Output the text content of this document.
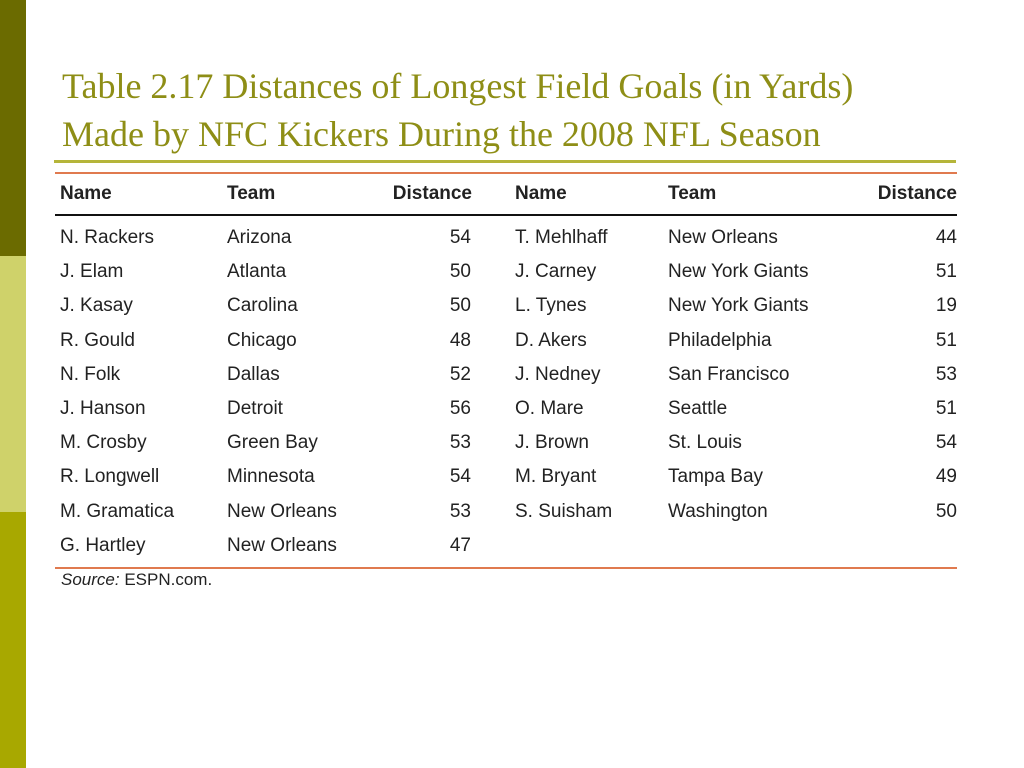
Table 2.17 Distances of Longest Field Goals (in Yards)
Made by NFC Kickers During the 2008 NFL Season
Name	Team	Distance Name	Team	Distance
N. Rackers	Arizona	54 T. Mehlhaff	New Orleans	44
J. Elam	Atlanta	50 J. Carney	New York Giants	51
J. Kasay	Carolina	50 L. Tynes	New York Giants	19
R. Gould	Chicago	48 D. Akers	Philadelphia	51
N. Folk	Dallas	52 J. Nedney	San Francisco	53
J. Hanson	Detroit	56 O. Mare	Seattle	51
M. Crosby	Green Bay	53 J. Brown	St. Louis	54
R. Longwell	Minnesota	54 M. Bryant	Tampa Bay	49
M. Gramatica	New Orleans	53 S. Suisham	Washington	50
G. Hartley	New Orleans	47
Source: ESPN.com.
